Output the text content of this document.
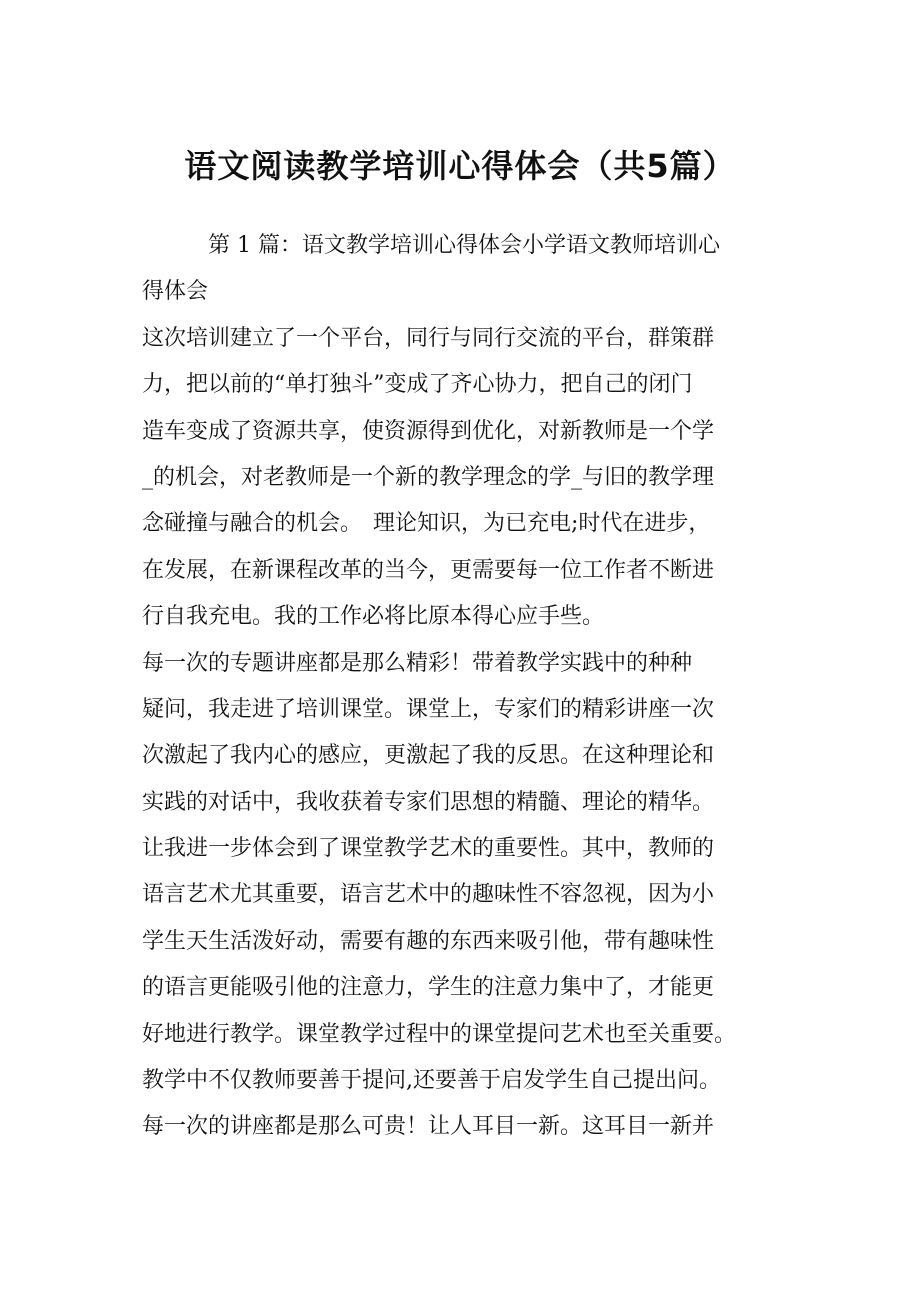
语文阅读教学培训心得体会（共5篇）
第 1 篇：语文教学培训心得体会小学语文教师培训心
得体会
这次培训建立了一个平台，同行与同行交流的平台，群策群
力，把以前的“单打独斗”变成了齐心协力，把自己的闭门
造车变成了资源共享，使资源得到优化，对新教师是一个学
_的机会，对老教师是一个新的教学理念的学_与旧的教学理
念碰撞与融合的机会。　理论知识，为已充电;时代在进步，
在发展，在新课程改革的当今，更需要每一位工作者不断进
行自我充电。我的工作必将比原本得心应手些。
每一次的专题讲座都是那么精彩！带着教学实践中的种种
疑问，我走进了培训课堂。课堂上，专家们的精彩讲座一次
次激起了我内心的感应，更激起了我的反思。在这种理论和
实践的对话中，我收获着专家们思想的精髓、理论的精华。
让我进一步体会到了课堂教学艺术的重要性。其中，教师的
语言艺术尤其重要，语言艺术中的趣味性不容忽视，因为小
学生天生活泼好动，需要有趣的东西来吸引他，带有趣味性
的语言更能吸引他的注意力，学生的注意力集中了，才能更
好地进行教学。课堂教学过程中的课堂提问艺术也至关重要。
教学中不仅教师要善于提问,还要善于启发学生自己提出问。
每一次的讲座都是那么可贵！让人耳目一新。这耳目一新并
